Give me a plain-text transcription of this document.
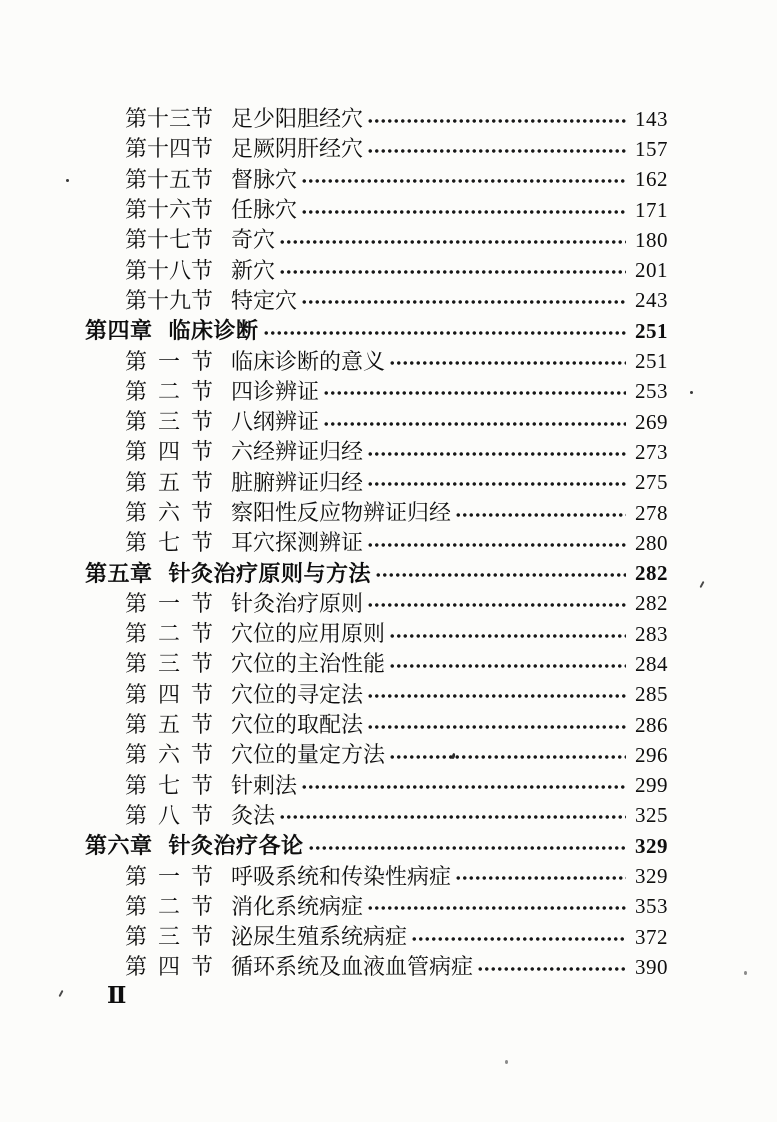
第十三节 足少阳胆经穴	143
第十四节 足厥阴肝经穴	157
第十五节 督脉穴	162
第十六节 任脉穴	171
第十七节 奇穴	180
第十八节 新穴	201
第十九节 特定穴	243
第四章 临床诊断	251
第一节 临床诊断的意义	251
第二节 四诊辨证	253
第三节 八纲辨证	269
第四节 六经辨证归经	273
第五节 脏腑辨证归经	275
第六节 察阳性反应物辨证归经	278
第七节 耳穴探测辨证	280
第五章 针灸治疗原则与方法	282
第一节 针灸治疗原则	282
第二节 穴位的应用原则	283
第三节 穴位的主治性能	284
第四节 穴位的寻定法	285
第五节 穴位的取配法	286
第六节 穴位的量定方法	296
第七节 针刺法	299
第八节 灸法	325
第六章 针灸治疗各论	329
第一节 呼吸系统和传染性病症	329
第二节 消化系统病症	353
第三节 泌尿生殖系统病症	372
第四节 循环系统及血液血管病症	390
Ⅱ
